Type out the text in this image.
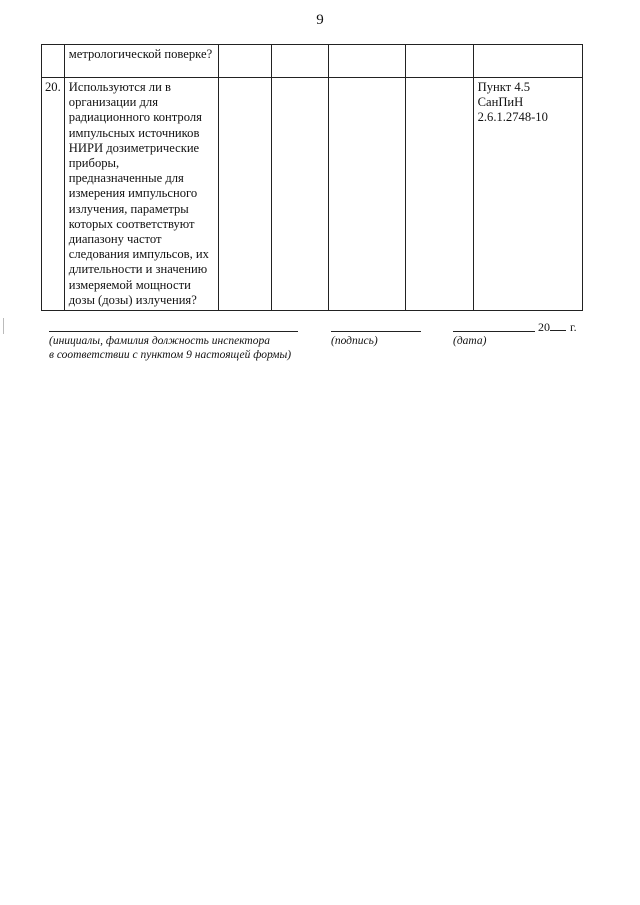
9
	метрологической поверке?					
20.	Используются ли в организации для радиационного контроля импульсных источников НИРИ дозиметрические приборы, предназначенные для измерения импульсного излучения, параметры которых соответствуют диапазону частот следования импульсов, их длительности и значению измеряемой мощности дозы (дозы) излучения?					Пункт 4.5 СанПиН 2.6.1.2748-10
(инициалы, фамилия должность инспектора
в соответствии с пунктом 9 настоящей формы)
(подпись)	(дата)
20 г.
